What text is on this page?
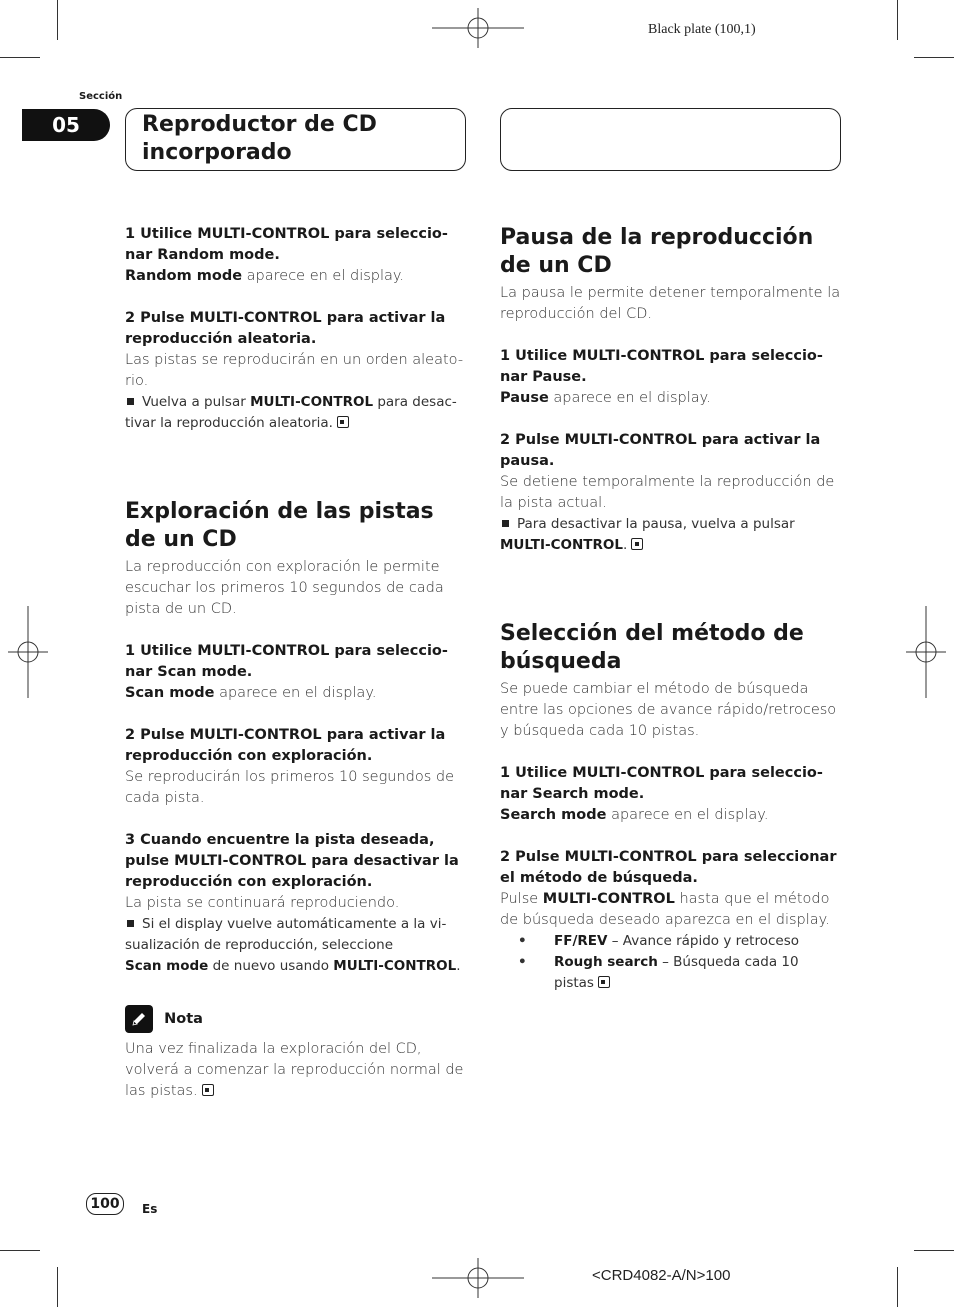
Black plate (100,1)
Sección
05	Reproductor de CD incorporado

1 Utilice MULTI-CONTROL para seleccio-nar Random mode.

Random mode aparece en el display.

2 Pulse MULTI-CONTROL para activar la reproducción aleatoria.

Las pistas se reproducirán en un orden aleato-rio.

Vuelva a pulsar MULTI-CONTROL para desac-tivar la reproducción aleatoria.

Exploración de las pistas de un CD

La reproducción con exploración le permite escuchar los primeros 10 segundos de cada pista de un CD.

1 Utilice MULTI-CONTROL para seleccio-nar Scan mode.

Scan mode aparece en el display.

2 Pulse MULTI-CONTROL para activar la reproducción con exploración.

Se reproducirán los primeros 10 segundos de cada pista.

3 Cuando encuentre la pista deseada, pulse MULTI-CONTROL para desactivar la reproducción con exploración.

La pista se continuará reproduciendo.

Si el display vuelve automáticamente a la vi-sualización de reproducción, seleccione
Scan mode de nuevo usando MULTI-CONTROL.

Nota

Una vez finalizada la exploración del CD, volverá a comenzar la reproducción normal de las pistas.

Pausa de la reproducción de un CD

La pausa le permite detener temporalmente la reproducción del CD.

1 Utilice MULTI-CONTROL para seleccio-nar Pause.

Pause aparece en el display.

2 Pulse MULTI-CONTROL para activar la pausa.

Se detiene temporalmente la reproducción de la pista actual.

Para desactivar la pausa, vuelva a pulsar
MULTI-CONTROL.

Selección del método de búsqueda

Se puede cambiar el método de búsqueda entre las opciones de avance rápido/retroceso y búsqueda cada 10 pistas.

1 Utilice MULTI-CONTROL para seleccio-nar Search mode.

Search mode aparece en el display.

2 Pulse MULTI-CONTROL para seleccionar el método de búsqueda.

Pulse MULTI-CONTROL hasta que el método de búsqueda deseado aparezca en el display.

•	FF/REV – Avance rápido y retroceso
•	Rough search – Búsqueda cada 10 pistas
100 Es
<CRD4082-A/N>100
